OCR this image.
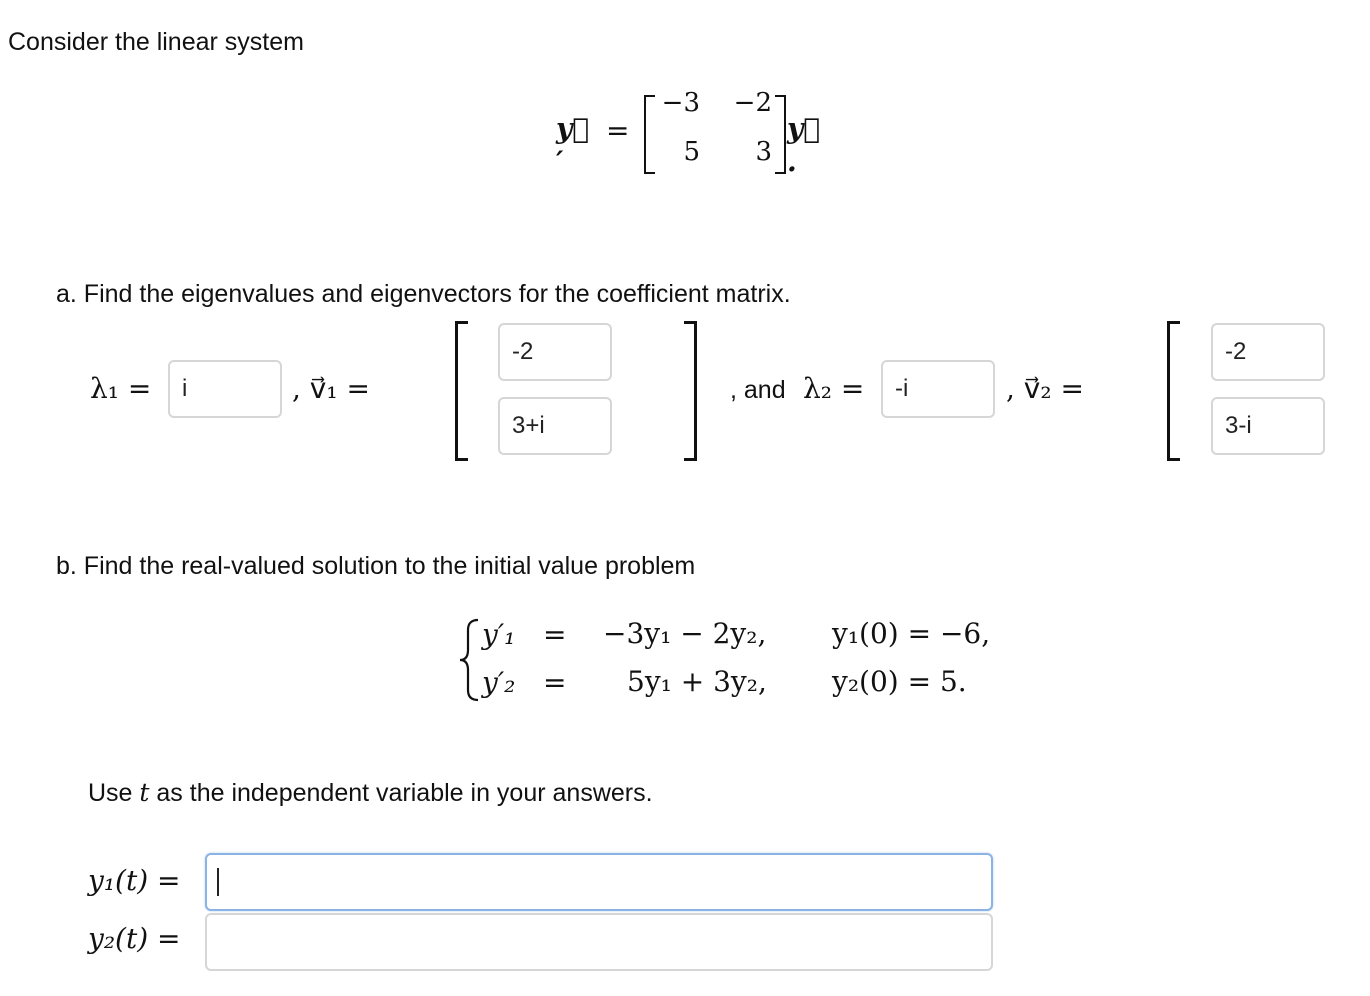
Consider the linear system
y⃗ ′
=
−3	−2
5	3
y⃗ .
a. Find the eigenvalues and eigenvectors for the coefficient matrix.
λ₁ =
i	, v⃗₁ =
-2
3+i	, and λ₂ =
-i	, v⃗₂ =
-2
3-i
b. Find the real-valued solution to the initial value problem
y′₁ = −3y₁ − 2y₂, y₁(0) = −6,
y′₂ = 5y₁ + 3y₂, y₂(0) = 5.
Use t as the independent variable in your answers.
y₁(t) =
y₂(t) =
